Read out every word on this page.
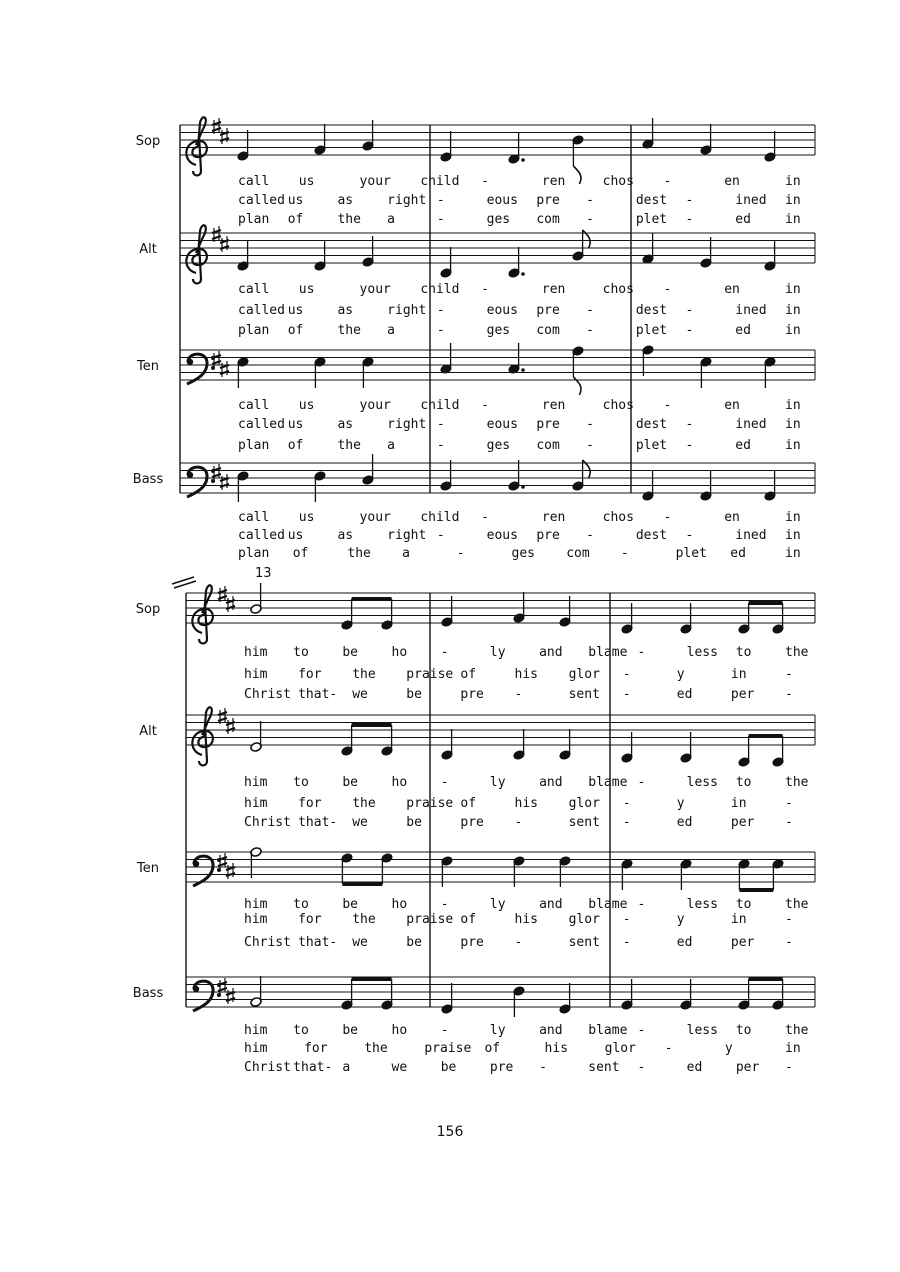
Sop
call us	your child -	ren	chos -	en	in
called us	as	right -	eous pre -	dest -	ined in
plan of	the a	-	ges com -	plet -	ed	in
Alt
call us	your child -	ren	chos -	en	in
called us	as	right -	eous pre -	dest -	ined in
plan of	the a	-	ges com -	plet -	ed	in
Ten
call us	your child -	ren	chos -	en	in
called us	as	right -	eous pre -	dest -	ined in
plan of	the a	-	ges com -	plet -	ed	in
Bass
call us	your child -	ren	chos -	en	in
called us	as	right -	eous pre -	dest -	ined in
plan of	the a	-	ges com -	plet ed	in
13
Sop
him to	be	ho	-	ly	and blame -	less to	the
him for the praise of	his glor -	y	in	-
Christ that- we	be	pre -	sent -	ed	per -
Alt
him to	be	ho	-	ly	and blame -	less to	the
him for the praise of	his glor -	y	in	-
Christ that- we	be	pre -	sent -	ed	per -
Ten
him to	be	ho	-	ly	and blame -	less to	the
him for the praise of	his glor -	y	in	-
Christ that- we	be	pre -	sent -	ed	per -
Bass
him to	be	ho	-	ly	and blame -	less to	the
him	for	the	praise of	his	glor -	y	in
Christ that- a	we	be	pre -	sent -	ed	per -
156
